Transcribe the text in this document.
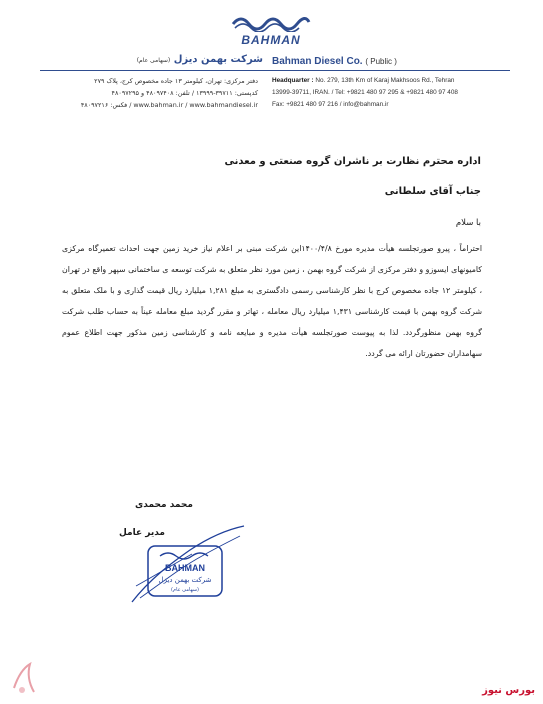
BAHMAN
Bahman Diesel Co. ( Public )
شرکت بهمن دیزل (سهامی عام)
Headquarter : No. 279, 13th Km of Karaj Makhsoos Rd., Tehran
13999-39711, IRAN. / Tel: +9821 480 97 295 & +9821 480 97 408
Fax: +9821 480 97 216 / info@bahman.ir
دفتر مرکزی: تهران، کیلومتر ۱۳ جاده مخصوص کرج، پلاک ۲۷۹
کدپستی: ۳۹۷۱۱-۱۳۹۹۹ / تلفن: ۴۸۰۹۷۴۰۸ و ۴۸۰۹۷۲۹۵
www.bahman.ir / www.bahmandiesel.ir / فکس: ۴۸۰۹۷۲۱۶
اداره محترم نظارت بر ناشران گروه صنعتی و معدنی
جناب آقای سلطانی
با سلام
احتراماً ، پیرو صورتجلسه هیأت مدیره مورخ ۱۴۰۰/۴/۸این شرکت مبنی بر اعلام نیاز خرید زمین جهت احداث تعمیرگاه مرکزی کامیونهای ایسوزو و دفتر مرکزی از شرکت گروه بهمن ، زمین مورد نظر متعلق به شرکت توسعه ی ساختمانی سپهر واقع در تهران ، کیلومتر ۱۲ جاده مخصوص کرج با نظر کارشناسی رسمی دادگستری به مبلغ ۱,۲۸۱ میلیارد ریال قیمت گذاری و با ملک متعلق به شرکت گروه بهمن با قیمت کارشناسی ۱,۴۳۱ میلیارد ریال معامله ، تهاتر و مقرر گردید مبلغ معامله عیناً به حساب طلب شرکت گروه بهمن منظورگردد. لذا به پیوست صورتجلسه هیأت مدیره و مبایعه نامه و کارشناسی زمین مذکور جهت اطلاع عموم سهامداران حضورتان ارائه می گردد.
محمد محمدی
مدیر عامل
BAHMAN
شرکت بهمن دیزل
(سهامی عام)
بورس نیوز
